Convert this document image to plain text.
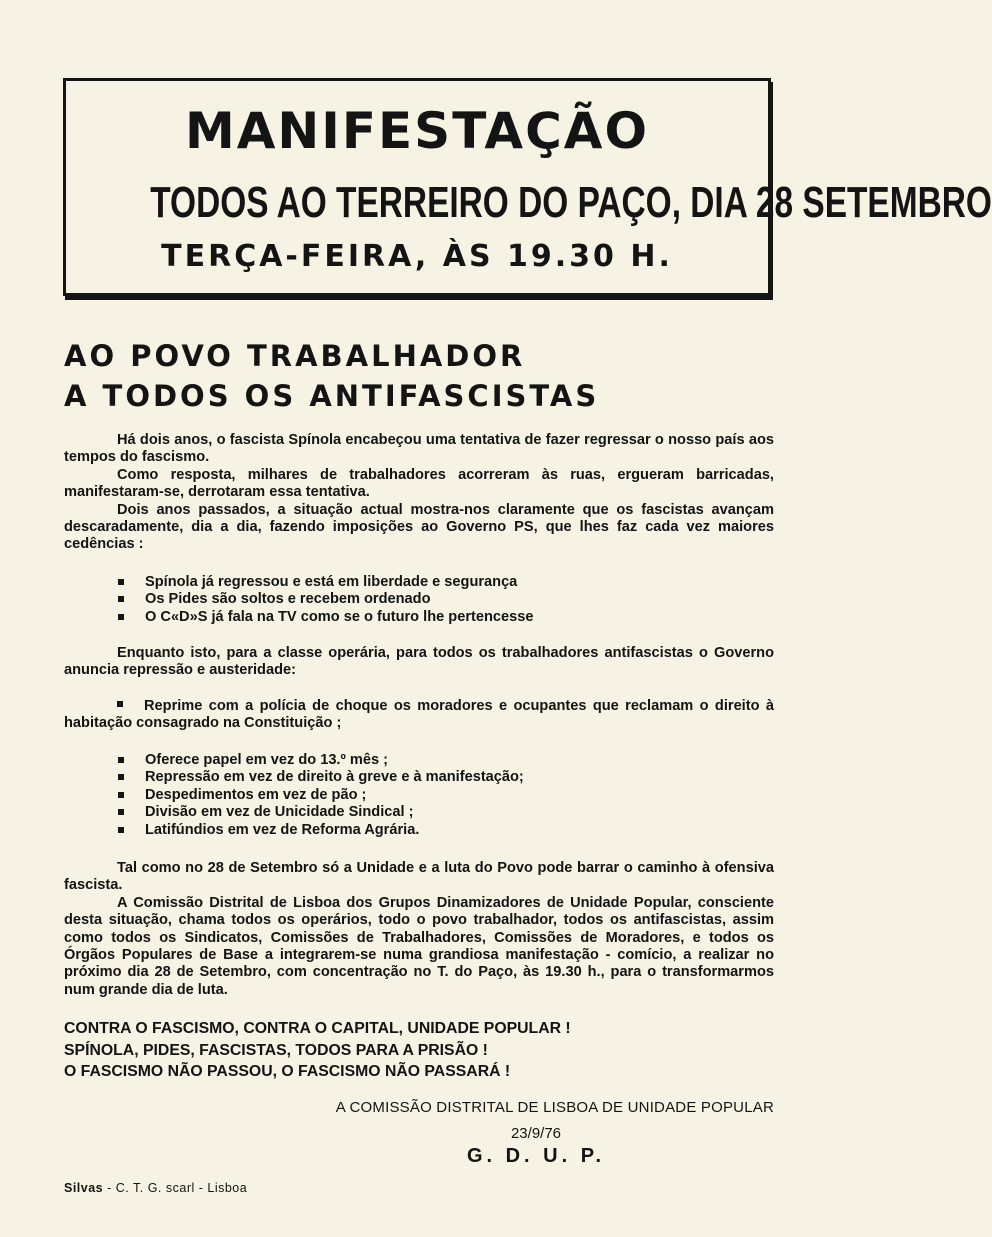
MANIFESTAÇÃO
TODOS AO TERREIRO DO PAÇO, DIA 28 SETEMBRO
TERÇA-FEIRA, ÀS 19.30 H.
AO POVO TRABALHADOR
A TODOS OS ANTIFASCISTAS

Há dois anos, o fascista Spínola encabeçou uma tentativa de fazer regressar o nosso país aos tempos do fascismo.

Como resposta, milhares de trabalhadores acorreram às ruas, ergueram barricadas, manifestaram-se, derrotaram essa tentativa.

Dois anos passados, a situação actual mostra-nos claramente que os fascistas avançam descaradamente, dia a dia, fazendo imposições ao Governo PS, que lhes faz cada vez maiores cedências :

Spínola já regressou e está em liberdade e segurança
Os Pides são soltos e recebem ordenado
O C«D»S já fala na TV como se o futuro lhe pertencesse

Enquanto isto, para a classe operária, para todos os trabalhadores antifascistas o Governo anuncia repressão e austeridade:

Reprime com a polícia de choque os moradores e ocupantes que reclamam o direito à habitação consagrado na Constituição ;

Oferece papel em vez do 13.º mês ;
Repressão em vez de direito à greve e à manifestação;
Despedimentos em vez de pão ;
Divisão em vez de Unicidade Sindical ;
Latifúndios em vez de Reforma Agrária.

Tal como no 28 de Setembro só a Unidade e a luta do Povo pode barrar o caminho à ofensiva fascista.

A Comissão Distrital de Lisboa dos Grupos Dinamizadores de Unidade Popular, consciente desta situação, chama todos os operários, todo o povo trabalhador, todos os antifascistas, assim como todos os Sindicatos, Comissões de Trabalhadores, Comissões de Moradores, e todos os Órgãos Populares de Base a integrarem-se numa grandiosa manifestação - comício, a realizar no próximo dia 28 de Setembro, com concentração no T. do Paço, às 19.30 h., para o transformarmos num grande dia de luta.

CONTRA O FASCISMO, CONTRA O CAPITAL, UNIDADE POPULAR !
SPÍNOLA, PIDES, FASCISTAS, TODOS PARA A PRISÃO !
O FASCISMO NÃO PASSOU, O FASCISMO NÃO PASSARÁ !
A COMISSÃO DISTRITAL DE LISBOA DE UNIDADE POPULAR
23/9/76
G. D. U. P.
Silvas - C. T. G. scarl - Lisboa
